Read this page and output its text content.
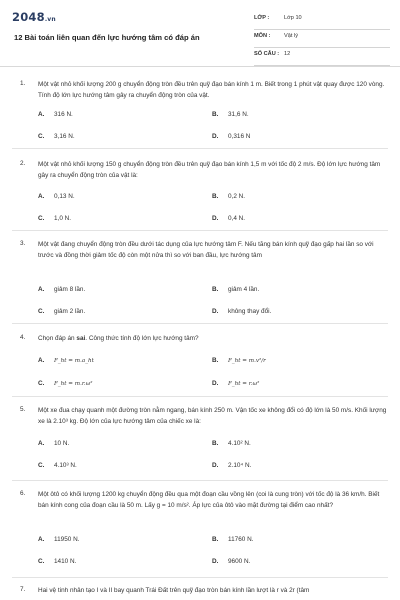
2048.vn
12 Bài toán liên quan đến lực hướng tâm có đáp án
LỚP :	Lớp 10
MÔN : Vật lý
SỐ CÂU : 12
1. Một vật nhỏ khối lượng 200 g chuyển động tròn đều trên quỹ đạo bán kính 1 m. Biết trong 1 phút vật quay được 120 vòng. Tính độ lớn lực hướng tâm gây ra chuyển động tròn của vật.
A. 316 N.	B. 31,6 N.
C. 3,16 N.	D. 0,316 N
2. Một vật nhỏ khối lượng 150 g chuyển động tròn đều trên quỹ đạo bán kính 1,5 m với tốc độ 2 m/s. Độ lớn lực hướng tâm gây ra chuyển động tròn của vật là:
A. 0,13 N.	B. 0,2 N.
C. 1,0 N.	D. 0,4 N.
3. Một vật đang chuyển động tròn đều dưới tác dụng của lực hướng tâm F. Nếu tăng bán kính quỹ đạo gấp hai lần so với trước và đồng thời giảm tốc độ còn một nửa thì so với ban đầu, lực hướng tâm
A. giảm 8 lần.	B. giảm 4 lần.
C. giảm 2 lần.	D. không thay đổi.
4. Chọn đáp án sai. Công thức tính độ lớn lực hướng tâm?
A. F_ht = m.a_ht	B. F_ht = m.v²/r
C. F_ht = m.r.ω²	D. F_ht = r.ω²
5. Một xe đua chạy quanh một đường tròn nằm ngang, bán kính 250 m. Vận tốc xe không đổi có độ lớn là 50 m/s. Khối lượng xe là 2.10³ kg. Độ lớn của lực hướng tâm của chiếc xe là:
A. 10 N.	B. 4.10² N.
C. 4.10³ N.	D. 2.10⁴ N.
6. Một ôtô có khối lượng 1200 kg chuyển động đều qua một đoạn cầu vồng lên (coi là cung tròn) với tốc độ là 36 km/h. Biết bán kính cong của đoạn cầu là 50 m. Lấy g = 10 m/s². Áp lực của ôtô vào mặt đường tại điểm cao nhất?
A. 11950 N.	B. 11760 N.
C. 1410 N.	D. 9600 N.
7. Hai vệ tinh nhân tạo I và II bay quanh Trái Đất trên quỹ đạo tròn bán kính lần lượt là r và 2r (tâm
